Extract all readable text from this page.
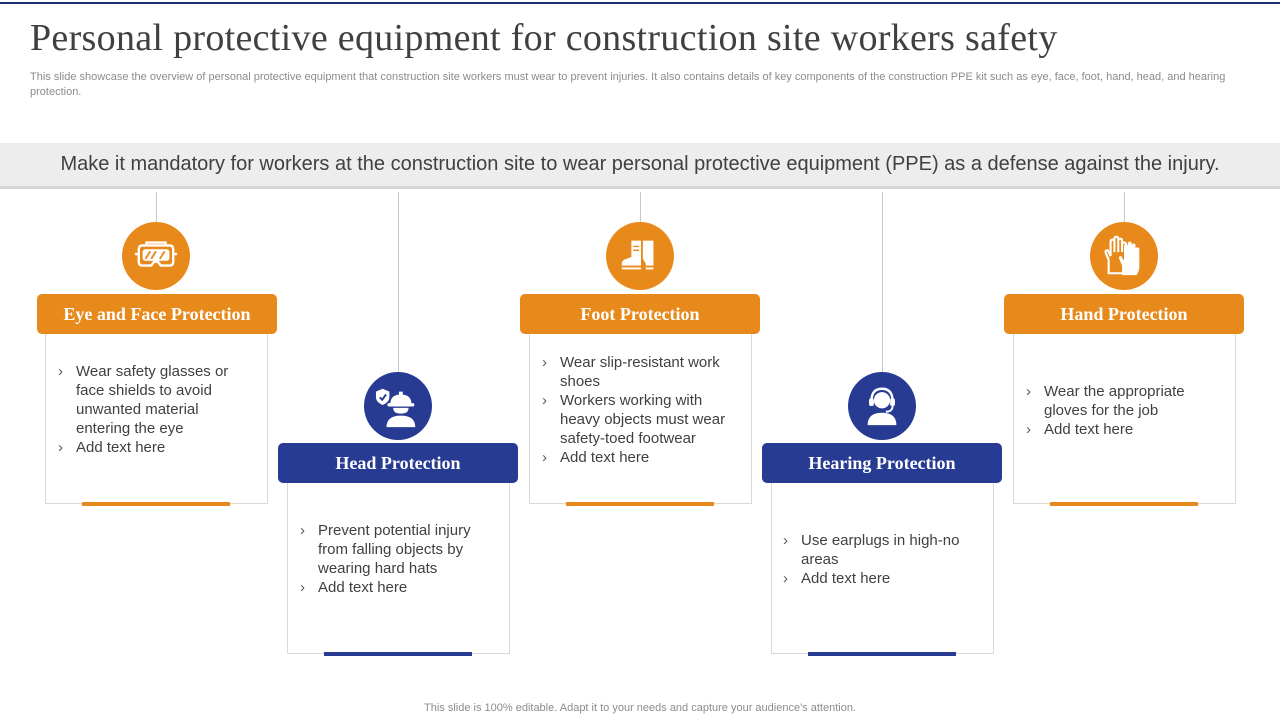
Personal protective equipment for construction site workers safety
This slide showcase the overview of personal protective equipment that construction site workers must wear to prevent injuries. It also contains details of key components of the construction PPE kit such as eye, face, foot, hand, head, and hearing protection.
Make it mandatory for workers at the construction site to wear personal protective equipment (PPE) as a defense against the injury.
Eye and Face Protection
› Wear safety glasses or face shields to avoid unwanted material entering the eye
› Add text here
Head Protection
› Prevent potential injury from falling objects by wearing hard hats
› Add text here
Foot Protection
› Wear slip-resistant work shoes
› Workers working with heavy objects must wear safety-toed footwear
› Add text here	Hearing Protection
› Use earplugs in high-no areas
› Add text here
Hand Protection
› Wear the appropriate gloves for the job
› Add text here
This slide is 100% editable. Adapt it to your needs and capture your audience's attention.
